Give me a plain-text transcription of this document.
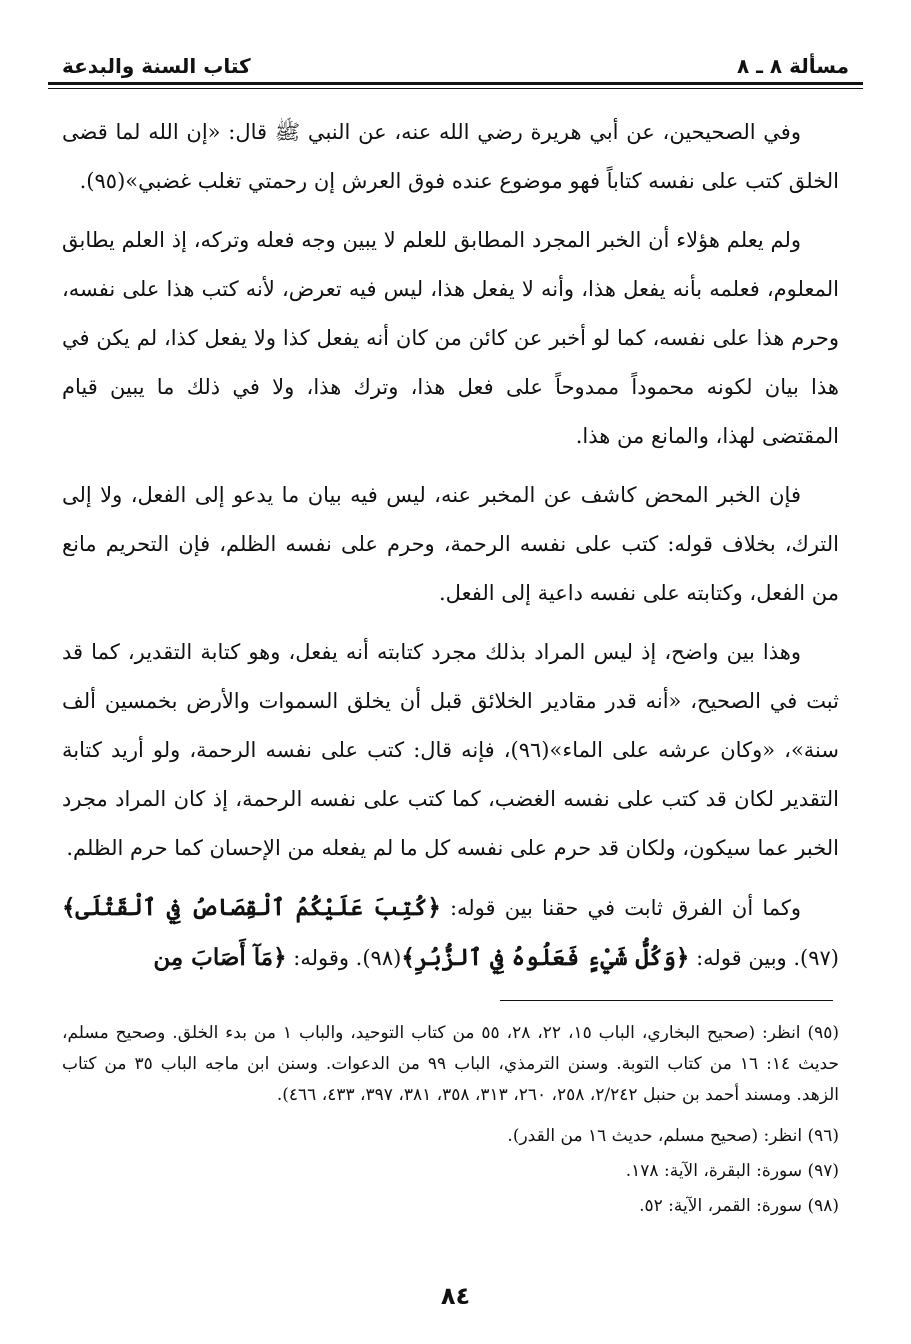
مسألة ٨ ـ ٨
كتاب السنة والبدعة

وفي الصحيحين، عن أبي هريرة رضي الله عنه، عن النبي ﷺ قال: «إن الله لما قضى الخلق كتب على نفسه كتاباً فهو موضوع عنده فوق العرش إن رحمتي تغلب غضبي»(٩٥).

ولم يعلم هؤلاء أن الخبر المجرد المطابق للعلم لا يبين وجه فعله وتركه، إذ العلم يطابق المعلوم، فعلمه بأنه يفعل هذا، وأنه لا يفعل هذا، ليس فيه تعرض، لأنه كتب هذا على نفسه، وحرم هذا على نفسه، كما لو أخبر عن كائن من كان أنه يفعل كذا ولا يفعل كذا، لم يكن في هذا بيان لكونه محموداً ممدوحاً على فعل هذا، وترك هذا، ولا في ذلك ما يبين قيام المقتضى لهذا، والمانع من هذا.

فإن الخبر المحض كاشف عن المخبر عنه، ليس فيه بيان ما يدعو إلى الفعل، ولا إلى الترك، بخلاف قوله: كتب على نفسه الرحمة، وحرم على نفسه الظلم، فإن التحريم مانع من الفعل، وكتابته على نفسه داعية إلى الفعل.

وهذا بين واضح، إذ ليس المراد بذلك مجرد كتابته أنه يفعل، وهو كتابة التقدير، كما قد ثبت في الصحيح، «أنه قدر مقادير الخلائق قبل أن يخلق السموات والأرض بخمسين ألف سنة»، «وكان عرشه على الماء»(٩٦)، فإنه قال: كتب على نفسه الرحمة، ولو أريد كتابة التقدير لكان قد كتب على نفسه الغضب، كما كتب على نفسه الرحمة، إذ كان المراد مجرد الخبر عما سيكون، ولكان قد حرم على نفسه كل ما لم يفعله من الإحسان كما حرم الظلم.

وكما أن الفرق ثابت في حقنا بين قوله: ﴿كُتِبَ عَلَيْكُمُ ٱلْقِصَاصُ فِي ٱلْقَتْلَى﴾(٩٧). وبين قوله: ﴿وَكُلُّ شَيْءٍ فَعَلُوهُ فِي ٱلزُّبُرِ﴾(٩٨). وقوله: ﴿مَآ أَصَابَ مِن

(٩٥) انظر: (صحيح البخاري، الباب ١٥، ٢٢، ٢٨، ٥٥ من كتاب التوحيد، والباب ١ من بدء الخلق. وصحيح مسلم، حديث ١٤: ١٦ من كتاب التوبة. وسنن الترمذي، الباب ٩٩ من الدعوات. وسنن ابن ماجه الباب ٣٥ من كتاب الزهد. ومسند أحمد بن حنبل ٢/٢٤٢، ٢٥٨، ٢٦٠، ٣١٣، ٣٥٨، ٣٨١، ٣٩٧، ٤٣٣، ٤٦٦).

(٩٦) انظر: (صحيح مسلم، حديث ١٦ من القدر).

(٩٧) سورة: البقرة، الآية: ١٧٨.

(٩٨) سورة: القمر، الآية: ٥٢.

٨٤
